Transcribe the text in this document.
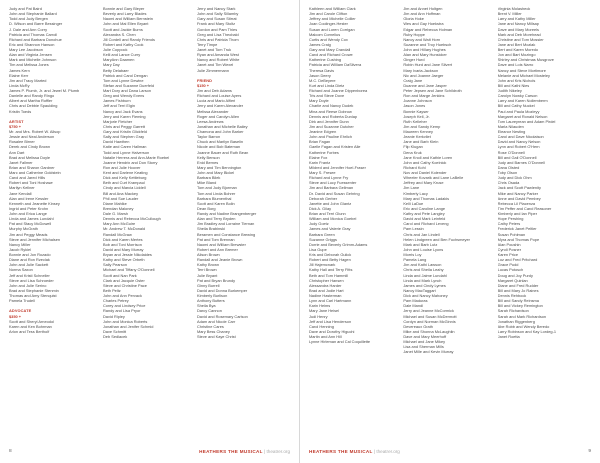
Judy and Pat Baird
John and Stephanie Ballard
Todd and Judy Bergen
D. Wilson and Barre Bessinger
J. Dale and Ann Corry
Patricia and Thomas Carroll
Richard and Barbara Donohue
Eric and Shannon Hanson
Mary Lee Jacobson
Alan and Virginia Jensen
Mark and Michelle Johnson
Tim and Melissa Jones
James Kern
Elaine Kerr
Jim and Tracy Marted
Linda McRy
James P. Plumb, Jr. and Jewel M. Plumb
Danielle and Randy Ringo
Albert and Martha Roffler
Chris and Debbie Spaulding
Kristin Toeds

ARTIST
$750 +
Mr. and Mrs. Robert W. Allsop
Jessie and Neal Anderson
Rosalee Birner
Derek and Cindy Brown
Ann Dart
Brad and Melissa Doyle
Janet Fallmer
Brian and Sharon Gardner
Marc and Catherine Goldstein
Carol and Jared Hills
Robert and Toni Hoshawr
Marilyn Kellner
Jane Kendall
Alan and Irene Kessler
Kenneth and Jeanette Kinsey
Ingrid and Peter Krohn
John and Erica Lange
Linda and James Lundahl
Pat and Stacy McDowell
Murphy McGrath
Jim and Peggy Meads
Steve and Jennifer Michalsen
Nancy Miller
Jacob Rykiel
Bonnie and Jon Rozado
Diane and Ron Rzeclak
John and Julie Sackett
Norma Saxon
Jeff and Kristi Schneller
Steve and Lisa Schroeder
John and Julie Serino
Brad and Stephanie Stenmin
Thomas and Amy Stenquist
Pamela Trudell

ADVOCATE
$350 +
Scott and Sheryl Arneodol
Karen and Ken Bohrman
Arlon and Tess Bertholf
Bonnie and Gary Bleyer
Beverly and Larry Blades
Naomi and William Bernstein
John and Mai Ellen Bryant
Scott and Jackie Burns
Alexandra S. Chen
Jill Cordell and Randy Friends
Robert and Kathy Cook
Julie Coppock
Kelli and Lance Curry
MaryAnn Daamen
Mary Day
Betty Delabaer
Patrick and Carol Dengan
Tom and Lynne Dewine
Stefan and Suzanne Duerfeld
Mart Dory and Dana Larson
Greg and Wendy Evens
James Fishburn
Jeff and Terri Elgin
Nancy and Jack Evans
Jerry and Karen Fleming
Marjorie Fletcher
Chris and Peggy Garrett
Gary and Kristin Glickfeld
Sally and Stephen Gray
David Hawthen
Katie and Caren Hallman
Todd and Lynne Halverson
Natalie Herrera and Ann-Marie Roebel
Joanne Hendrix and Don Storry
Ron and Julie Hoover
Kent and Darlene Keating
Dick and Kelly Kettleburg
Beth and Curt Krampaul
Cindy and Marcia Liddell
Bill and Ana Mackey
Phil and Sue Lauder
Diane Mahlke
Brendan Maloney
Dale G. Marsh
Dennis and Rebecca McCullough
Mary Ann McGuire
Mr. Andrew T. McDonald
Randall McGraw
Dick and Karen Mertes
Bob and Toni Morrison
David and Mary Murray
Bryan and Jessie Nikolaides
Kathy and Steve Orbeth
Sally Pearson
Michael and Tiffany O'Donnell
Scott and Nan Park
Clark and Jacquie Oster
Steve and Christine Pace
Beth Peltz
John and Ann Pervack
Charles Petrey
Corey and Lindsey Price
Randy and Lisa Pryor
David Ripley
John and Monica Roberts
Jonathan and Jenifer Schmid
Dave Schmitt
Deb Sedlacek
Jerry and Nancy Stark
John and Sally Sillamby
Gary and Susan Stirrat
Frank and Mary Stoltz
Gordon and Pam Thies
Greg and Lisa Theobald
Chris and Patricia Thom
Terry Timpe
Janet and Tom Truk
Ryan and Amanda West
Nancy and Robert White
Janet and Tim Wexel
Julie Zimmermann

FRIEND
$150 +
Jim and Deb Adams
Richard and Louise Ayers
Lucia and Mario Alfieri
Jerry and Karen Alexander
Melissa Alexander
Roger and Carolyn Allen
Leesa Andrews
Jonathan and Michelle Bailey
Chamona and John Barker
Taylor Barron
Chuck and Marilyn Baselin
Nicole and Bob Bateman
Joanne Bauer and Ruth Bean
Kelly Benson
Enid Bernes
Mary and Tim Bennington
John and Mary Bickel
Barbara Bilek
Mike Bland
Tom and Judy Bjorman
Tom and Linda Bohrer
Barbara Blumenthal
Scott and Karen Bolin
Dean Borg
Randy and Nadine Brangenberger
Alan and Terry Bryden
Jim Bradley and Lorraine Tiernan
Sheila Brabinski
Beramen and Constance Brewing
Pat and Tom Brennan
Naomi and William Brewster
Robert and Ann Bremer
Alison Brown
Randall and Jeanie Brown
Kathy Brown
Terri Brown
Julie Bryant
Pat and Bryan Brundy
Ginny Burrell
David and Donna Burkemper
Kimberly Burlison
Anthony Butters
Sheila Bya
Darcy Cannon
David and Rosemary Carlson
Adam and Nicole Carr
Christine Cares
Mary Bess Chaney
Steve and Kaye Christ
8	HEATHERS THE MUSICAL | theatrer.org
Kathleen and William Clark
Jim and Carole Clifton
Jeffrey and Michelle Collier
Joan Coolinger-Hester
Susan and Loren Corrigan
Malcom Cornelius
Curtis and Wendy Cox
James Craig
Gary and Mary Crandall
Carol and Richard Crowe
Katherine Cushing
Patricia and William DaSilvera
Theresa Davis
Jason Deery
M.C. DeBeyere
Kurt and Linda Dietz
Richard and Joanne Dippenborea
Tris and Steve Dove
Mary Doyle
Charlie and Nancy Dudek
Mina and Reese Dobrow
Dennis and Roberta Dunlap
Dirk and Jennifer Dunn
Jim and Suzanne Dutcher
Jeanine Edgren
John and Pauline Ehrlich
Brian Fagan
Gaelle Fagan and Kristen Alle
Katherine Forbes
Elaine Fox
Karin Frantz
Mildred and Jennifer Hoel-Fraser
Mary S. Fresee
Richard and Lynne Fry
Steve and Lucy Fuessenter
Jim and Barbara Gellman
Dr. David and Susan Gehring
Deborah Gerber
Janette and John Glantz
Dick A. Gilay
Brian and Terri Glunn
William and Monica Goebel
Judy Goetz
James and Valerie Gray
Barbara Green
Suzanne Griggs
Dorrie and Beverly Grimm-Adams
Lisa Gupe
Kris and Deborah Gulick
Robert and Betty Hagen
Jill Hajemcnark
Kathy Hall and Terry Fitts
Beth and Tom Hammill
Christopher Hansen
Alessandra Harder
Brad and Jodie Hart
Nadine Hasterman
Lynn and Carl Hartmann
Karin Helms
Mary Jane Heisel
Judi Henry
Jeff and Lisa Henderson
Carol Henning
Dave and Dorothy Higuchi
Martin and Ann Hill
Lynne Hirleman and Cal Coquillette
Jim and Annet Holtgen
Jim and Ann Hoffman
Gloria Hoke
Wes and Gay Hoekstra
Edgar and Rebecca Holman
Ruby Hoppe
Nancy and Walt Horn
Suzanne and Troy Huebsch
John and Hillary Hughes
Alan and Mary Hunsicker
Ginger Hurd
Robin Hurd and Jane Silvert
Mary Ivaria-Jackson
Nic and Joanne Jaeger
Craig Jane
Duanne and Jane Jasper
Peter Jepsen and Jane Schildroth
Ron and Marge Jenkins
Joanne Johnson
Jason Jones
Bonnie Kayser
Joseph Kell, Jr.
Ruth Kelleher
Jim and Sandy Kemp
Maureen Kenney
Jeanie Kerkvliet
Jane and Barb Klein
Flip Klugan
Dena Kruk
Jane Knoll and Kathie Loren
John and Cathy Koelnick
Richard Kohl
Nov and Daniel Kolender
Wheeler Kovarik and Lane LaBelle
Jeffrey and Mary Kruse
Jim Lane
Kimberly Lacy
Mary and Thomas Ladakis
Kelli LaDue
Eric and Caroline Lange
Kathy and Pete Langley
David and Mark Leinfeld
Carol and Richard Leveng
Pam Lessin
Chris and Jan Lindell
Helen Lindgreen and Ben Fuchsmeyer
Mark and Barb Lutz
John and Louise Lyons
Morris Loy
Pamela Lang
Jim and Kathi Lawson
Chris and Sheila Leahy
Linda and Jaime Lundahl
Linda and Mark Lynch
James and Cindy Lymes
Nancy MacTaggart
Dick and Nancy Mahoney
Pam Maduras
Dale Mandl
Jerry and Jeanne McCormick
Michael and Susan McDermott
Cordyn and Norman McGinnis
Devereaux Grath
Mike and Shonna McLaughlin
Dave and Mary Meerhoff
Michael and Jane Mikey
Lisa and Sherman Mills
Janet Mille and Kevin Murray
Virginia Molasheck
Brent V. Miller
Larry and Kathy Miller
Jane and Nancy Millsap
Dave and Mary Moreels
Mark and Deb Morehead
Christine and Tom Mossier
Jane and Bert Mozlak
Bert and Karen Moredo
Jon and Bart Mozingo
Shirley and Christmas Musgrove
Dave and Lois Narro
Nancy and Steve Mortimore
Melanie and Michael Mosteley
John and Kris Nichols
Bill and Kathi Nies
Judith Nikeley
Carolyn Nowky Carson
Larry and Karen Nollemberm
Bill and Cathy Nuckel
Paul and Paula Mozleyy
Margaret and Ronald Nelson
Tom Laureyrean and Adam Pirdel
Marla Nilauden
Eleanor Nesting
Carol and Dave Nicolaison
David and Nancy Nelson
Lynn and Robert O'Hern
Rose O'Donnell
Bill and Gail O'Donnell
Judy and Barnes O'Donnell
Dana Olsted
Toby Olson
Judy and Dick Ohm
Chris Osada
Jack and Scott Pawlenity
Mike and Nancy Parker
Anne and David Pembey
Rebecca Lil Piacenza
Tim Peffer and Carol Reasoner
Kimberly and Ian Piper
Hope Pershing
Cathy Peters
Frederick Janet Peltler
Susan Pohlman
Myra and Thomas Pope
Alan Poushin
Cyndi Posner
Karen Price
Loz and Fred Pritchard
Grace Pudd
Lucas Potosch
Doug and Joy Purdy
Margaret Quinlan
Diane and Fred Rudder
Bill and Mary Jo Raines
Dennis Rehbock
Bill and Sandy Reinsma
Bill and Vickey Remington
Sarah Richardson
Sarah and Mark Richardson
Jonathan Riggenberg
Abe Robb and Wendy Beredo
Larry Robinson and Kay Lordeg-1
Janet Roetta
HEATHERS THE MUSICAL | theatrer.org	9
